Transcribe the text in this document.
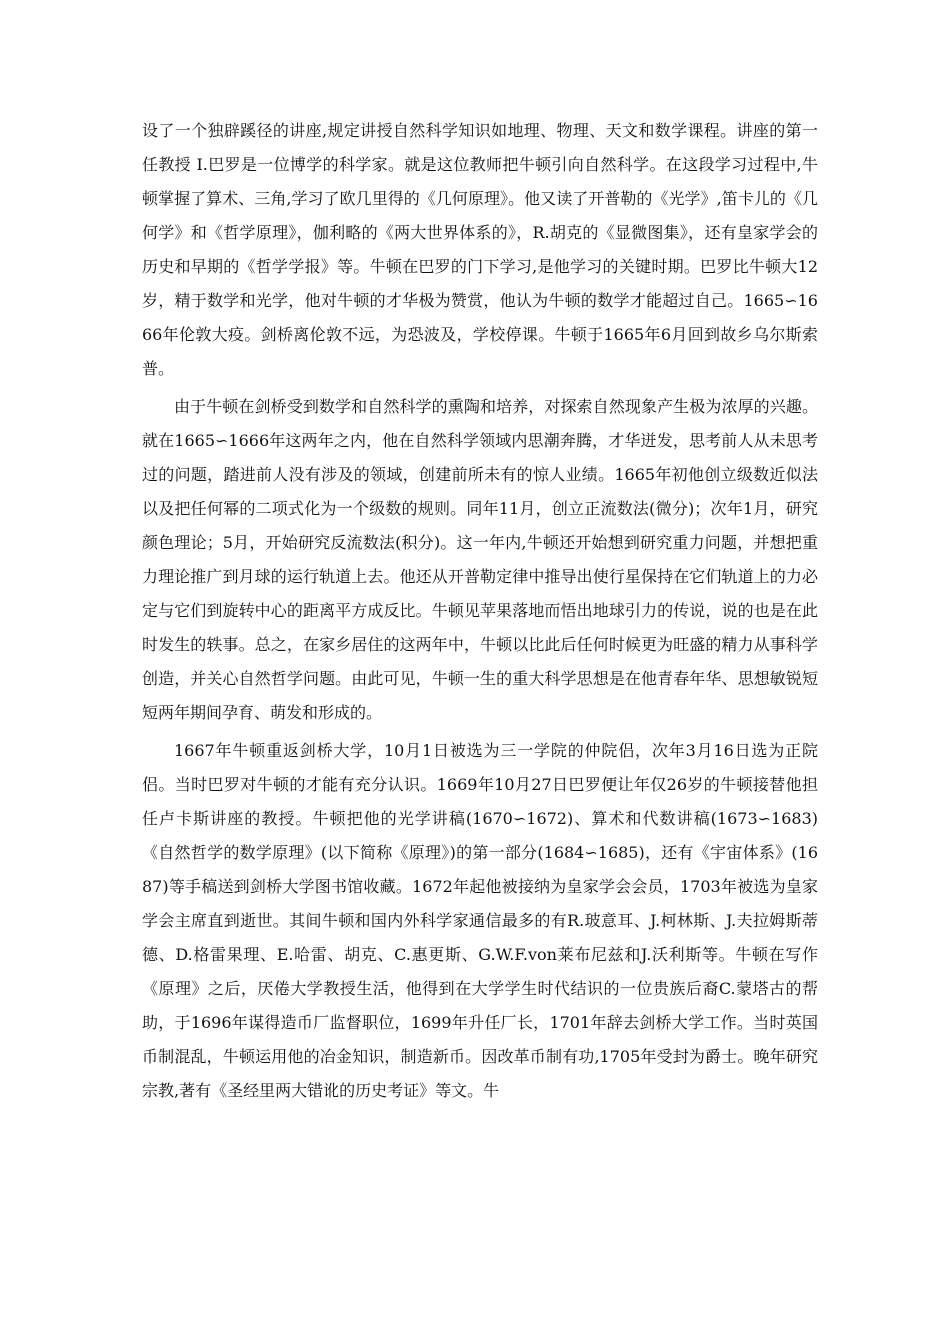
设了一个独辟蹊径的讲座,规定讲授自然科学知识如地理、物理、天文和数学课程。讲座的第一任教授 I.巴罗是一位博学的科学家。就是这位教师把牛顿引向自然科学。在这段学习过程中,牛顿掌握了算术、三角,学习了欧几里得的《几何原理》。他又读了开普勒的《光学》,笛卡儿的《几何学》和《哲学原理》，伽利略的《两大世界体系的》，R.胡克的《显微图集》，还有皇家学会的历史和早期的《哲学学报》等。牛顿在巴罗的门下学习,是他学习的关键时期。巴罗比牛顿大12岁，精于数学和光学，他对牛顿的才华极为赞赏，他认为牛顿的数学才能超过自己。1665∽1666年伦敦大疫。剑桥离伦敦不远，为恐波及，学校停课。牛顿于1665年6月回到故乡乌尔斯索普。

由于牛顿在剑桥受到数学和自然科学的熏陶和培养，对探索自然现象产生极为浓厚的兴趣。就在1665∽1666年这两年之内，他在自然科学领域内思潮奔腾，才华迸发，思考前人从未思考过的问题，踏进前人没有涉及的领域，创建前所未有的惊人业绩。1665年初他创立级数近似法以及把任何幂的二项式化为一个级数的规则。同年11月，创立正流数法(微分)；次年1月，研究颜色理论；5月，开始研究反流数法(积分)。这一年内,牛顿还开始想到研究重力问题，并想把重力理论推广到月球的运行轨道上去。他还从开普勒定律中推导出使行星保持在它们轨道上的力必定与它们到旋转中心的距离平方成反比。牛顿见苹果落地而悟出地球引力的传说，说的也是在此时发生的轶事。总之，在家乡居住的这两年中，牛顿以比此后任何时候更为旺盛的精力从事科学创造，并关心自然哲学问题。由此可见，牛顿一生的重大科学思想是在他青春年华、思想敏锐短短两年期间孕育、萌发和形成的。

1667年牛顿重返剑桥大学，10月1日被选为三一学院的仲院侣，次年3月16日选为正院侣。当时巴罗对牛顿的才能有充分认识。1669年10月27日巴罗便让年仅26岁的牛顿接替他担任卢卡斯讲座的教授。牛顿把他的光学讲稿(1670∽1672)、算术和代数讲稿(1673∽1683)《自然哲学的数学原理》(以下简称《原理》)的第一部分(1684∽1685)，还有《宇宙体系》(1687)等手稿送到剑桥大学图书馆收藏。1672年起他被接纳为皇家学会会员，1703年被选为皇家学会主席直到逝世。其间牛顿和国内外科学家通信最多的有R.玻意耳、J.柯林斯、J.夫拉姆斯蒂德、D.格雷果理、E.哈雷、胡克、C.惠更斯、G.W.F.von莱布尼兹和J.沃利斯等。牛顿在写作《原理》之后，厌倦大学教授生活，他得到在大学学生时代结识的一位贵族后裔C.蒙塔古的帮助，于1696年谋得造币厂监督职位，1699年升任厂长，1701年辞去剑桥大学工作。当时英国币制混乱，牛顿运用他的冶金知识，制造新币。因改革币制有功,1705年受封为爵士。晚年研究宗教,著有《圣经里两大错讹的历史考证》等文。牛
